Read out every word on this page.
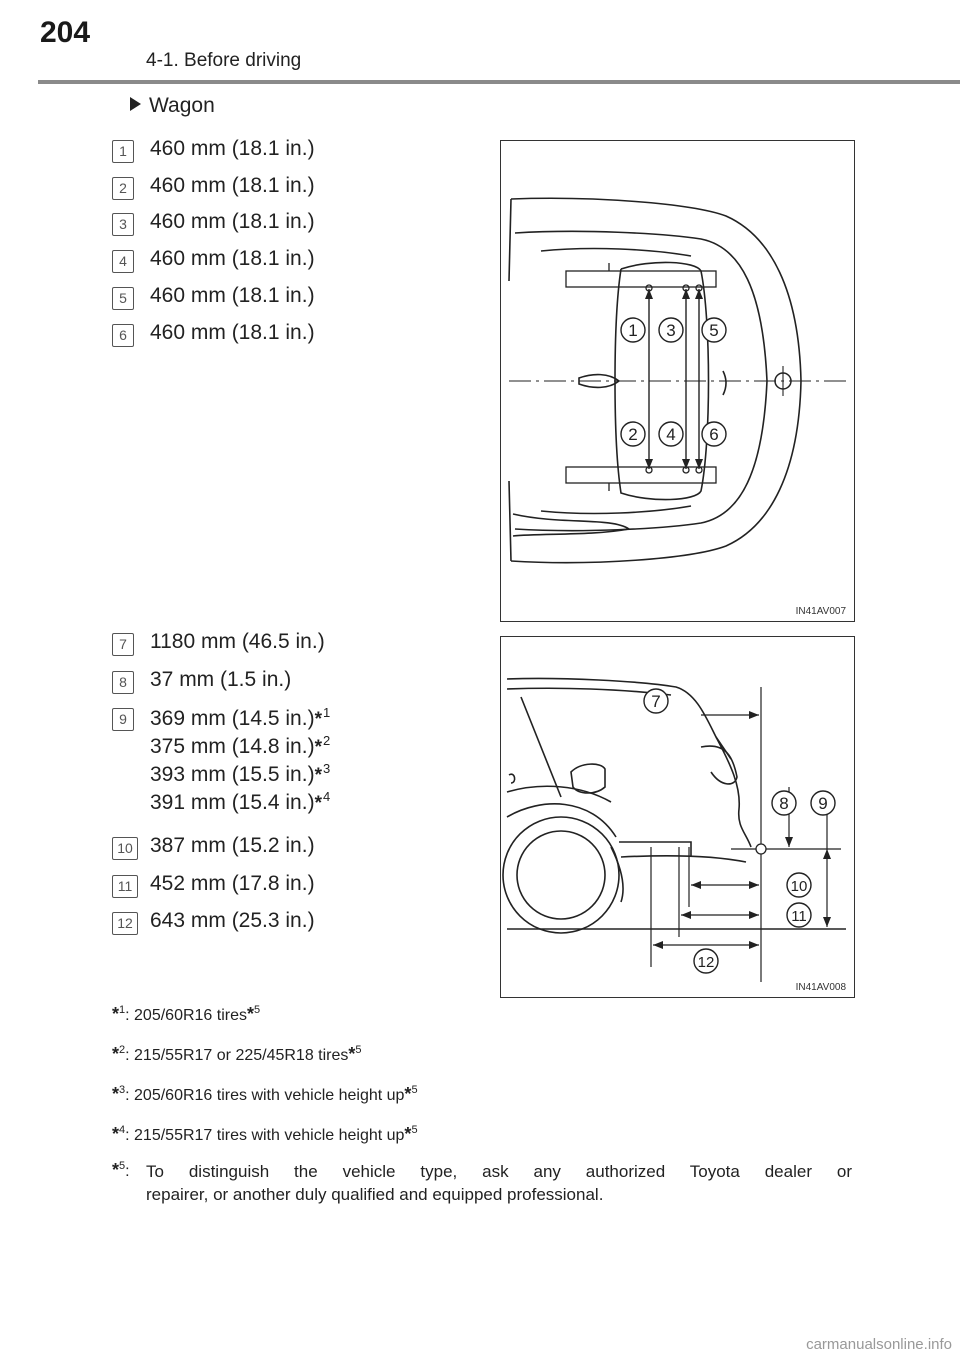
204
4-1. Before driving
Wagon
1	460 mm (18.1 in.)
2	460 mm (18.1 in.)
3	460 mm (18.1 in.)
4	460 mm (18.1 in.)
5	460 mm (18.1 in.)
6	460 mm (18.1 in.)	1 3 5
2 4 6
IN41AV007
7	1180 mm (46.5 in.)
8	37 mm (1.5 in.)
9	369 mm (14.5 in.)*$^1$
375 mm (14.8 in.)*$^2$
393 mm (15.5 in.)*$^3$
391 mm (15.4 in.)*$^4$
10 387 mm (15.2 in.)
11 452 mm (17.8 in.)
12 643 mm (25.3 in.)
7
8 9
10
11
12
IN41AV008
*$^1$: 205/60R16 tires*$^5$
*$^2$: 215/55R17 or 225/45R18 tires*$^5$
*$^3$: 205/60R16 tires with vehicle height up*$^5$
*$^4$: 215/55R17 tires with vehicle height up*$^5$
*$^5$: To distinguish the vehicle type, ask any authorized Toyota dealer or
repairer, or another duly qualified and equipped professional.
carmanualsonline.info
